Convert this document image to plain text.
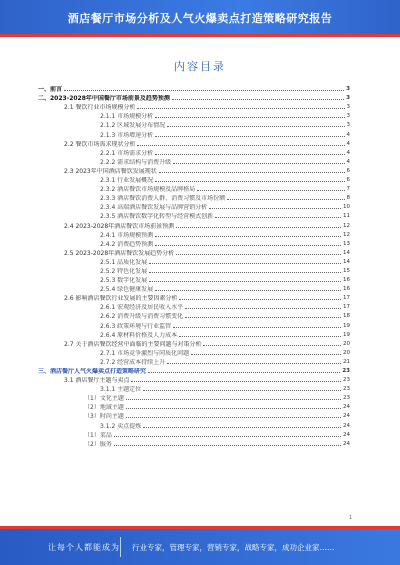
酒店餐厅市场分析及人气火爆卖点打造策略研究报告
内容目录
一、前言	3
二、2023-2028年中国餐厅市场前景及趋势预测	3
2.1 餐饮行业市场规模分析	3
2.1.1 市场规模分析	3
2.1.2 区域发展分布情况	3
2.1.3 市场增速分析	4
2.2 餐饮市场需求现状分析	4
2.2.1 市场需求分析	4
2.2.2 需求结构与消费升级	4
2.3 2023年中国酒店餐饮发展现状	6
2.3.1 行业发展概况	6
2.3.2 酒店餐饮市场规模及品牌格局	7
2.3.3 酒店餐饮消费人群、消费习惯及市场份额	8
2.3.4 高端酒店餐饮发展与品牌营销分析	10
2.3.5 酒店餐饮数字化转型与经营模式创新	11
2.4 2023-2028年酒店餐饮市场前景预测	12
2.4.1 市场规模预测	12
2.4.2 消费趋势预测	13
2.5 2023-2028年酒店餐饮发展趋势分析	14
2.5.1 品质化发展	14
2.5.2 特色化发展	15
2.5.3 数字化发展	16
2.5.4 绿色健康发展	16
2.6 影响酒店餐饮行业发展的主要因素分析	17
2.6.1 宏观经济及居民收入水平	17
2.6.2 消费升级与消费习惯变化	18
2.6.3 政策环境与行业监管	19
2.6.4 原材料价格及人力成本	19
2.7 关于酒店餐饮经营中面临的主要问题与对策分析	20
2.7.1 市场竞争激烈与同质化问题	20
2.7.2 经营成本持续上升	21
三、酒店餐厅人气火爆卖点打造策略研究	23
3.1 酒店餐厅主题与卖点	23
3.1.1 主题定位	23
（1）文化主题	23
（2）地域主题	24
（3）时尚主题	24
3.1.2 卖点提炼	24
（1）菜品	24
（2）服务	24
1
让每个人都能成为 行业专家，管理专家，营销专家，战略专家，成功企业家……
